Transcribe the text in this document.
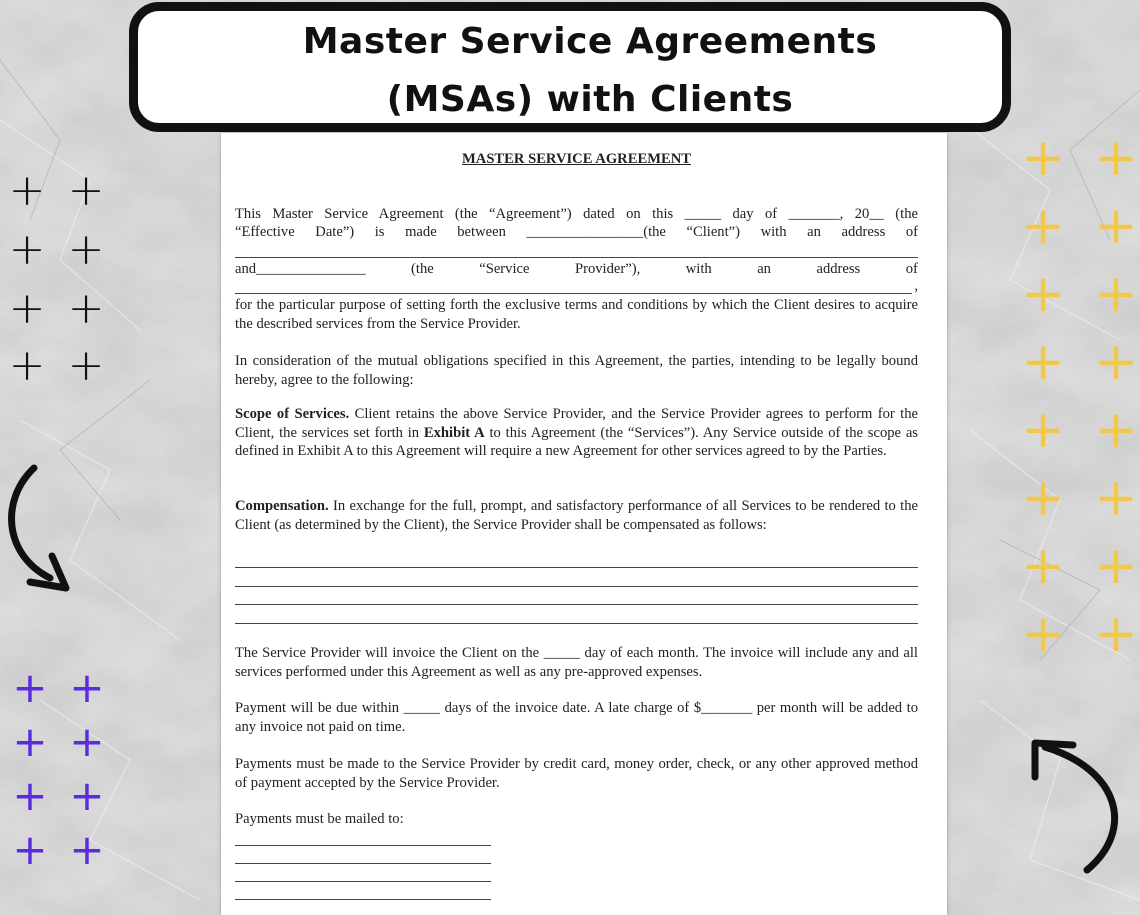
Master Service Agreements
(MSAs) with Clients
+ +
+ +
+ +
+ +
+ +
+ +
+ +
+ +
+ +
+ +
+ +
+ +
+ +
+ +
+ +
+ +
MASTER SERVICE AGREEMENT
This Master Service Agreement (the “Agreement”) dated on this _____ day of _______, 20__ (the
“Effective Date”) is made between ________________(the “Client”) with an address of
and_______________	(the	“Service	Provider”),	with	an	address	of
,
for the particular purpose of setting forth the exclusive terms and conditions by which the Client desires to acquire the described services from the Service Provider.
In consideration of the mutual obligations specified in this Agreement, the parties, intending to be legally bound hereby, agree to the following:
Scope of Services. Client retains the above Service Provider, and the Service Provider agrees to perform for the Client, the services set forth in Exhibit A to this Agreement (the “Services”). Any Service outside of the scope as defined in Exhibit A to this Agreement will require a new Agreement for other services agreed to by the Parties.
Compensation. In exchange for the full, prompt, and satisfactory performance of all Services to be rendered to the Client (as determined by the Client), the Service Provider shall be compensated as follows:
The Service Provider will invoice the Client on the _____ day of each month. The invoice will include any and all services performed under this Agreement as well as any pre-approved expenses.
Payment will be due within _____ days of the invoice date. A late charge of $_______ per month will be added to any invoice not paid on time.
Payments must be made to the Service Provider by credit card, money order, check, or any other approved method of payment accepted by the Service Provider.
Payments must be mailed to:
